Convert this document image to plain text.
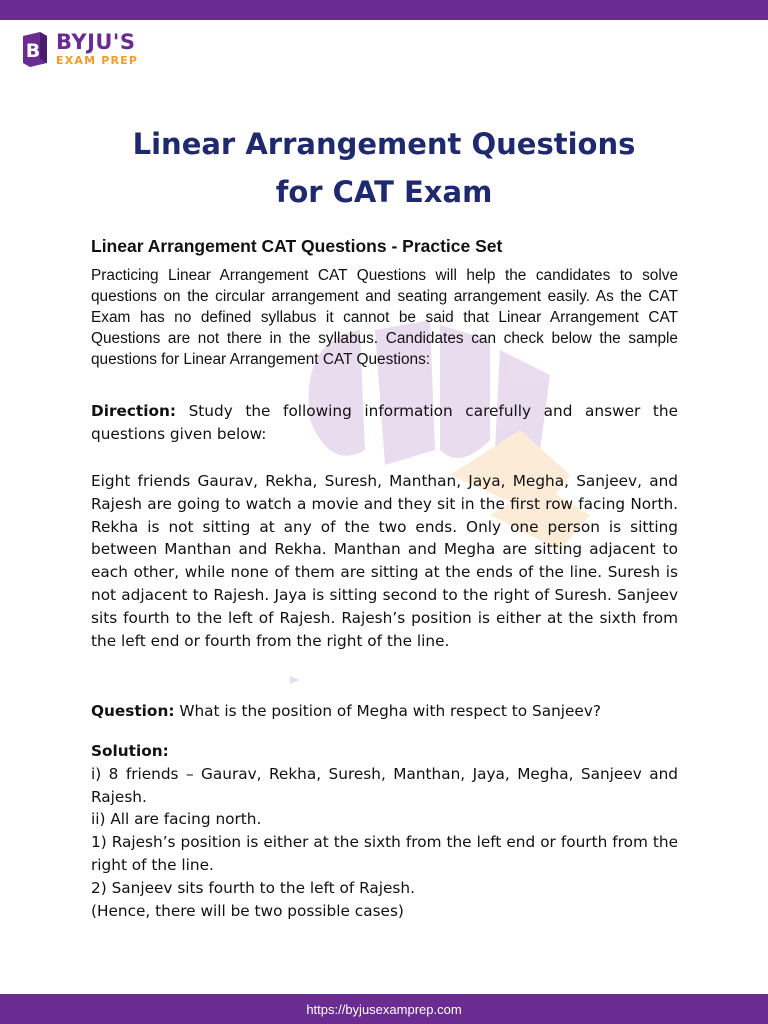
B BYJU'S
EXAM PREP
Linear Arrangement Questions
for CAT Exam
Linear Arrangement CAT Questions - Practice Set

Practicing Linear Arrangement CAT Questions will help the candidates to solve questions on the circular arrangement and seating arrangement easily. As the CAT Exam has no defined syllabus it cannot be said that Linear Arrangement CAT Questions are not there in the syllabus. Candidates can check below the sample questions for Linear Arrangement CAT Questions:

Direction: Study the following information carefully and answer the questions given below:

Eight friends Gaurav, Rekha, Suresh, Manthan, Jaya, Megha, Sanjeev, and Rajesh are going to watch a movie and they sit in the first row facing North. Rekha is not sitting at any of the two ends. Only one person is sitting between Manthan and Rekha. Manthan and Megha are sitting adjacent to each other, while none of them are sitting at the ends of the line. Suresh is not adjacent to Rajesh. Jaya is sitting second to the right of Suresh. Sanjeev sits fourth to the left of Rajesh. Rajesh’s position is either at the sixth from the left end or fourth from the right of the line.

Question: What is the position of Megha with respect to Sanjeev?

Solution:
i) 8 friends – Gaurav, Rekha, Suresh, Manthan, Jaya, Megha, Sanjeev and Rajesh.
ii) All are facing north.
1) Rajesh’s position is either at the sixth from the left end or fourth from the right of the line.
2) Sanjeev sits fourth to the left of Rajesh.
(Hence, there will be two possible cases)
https://byjusexamprep.com
